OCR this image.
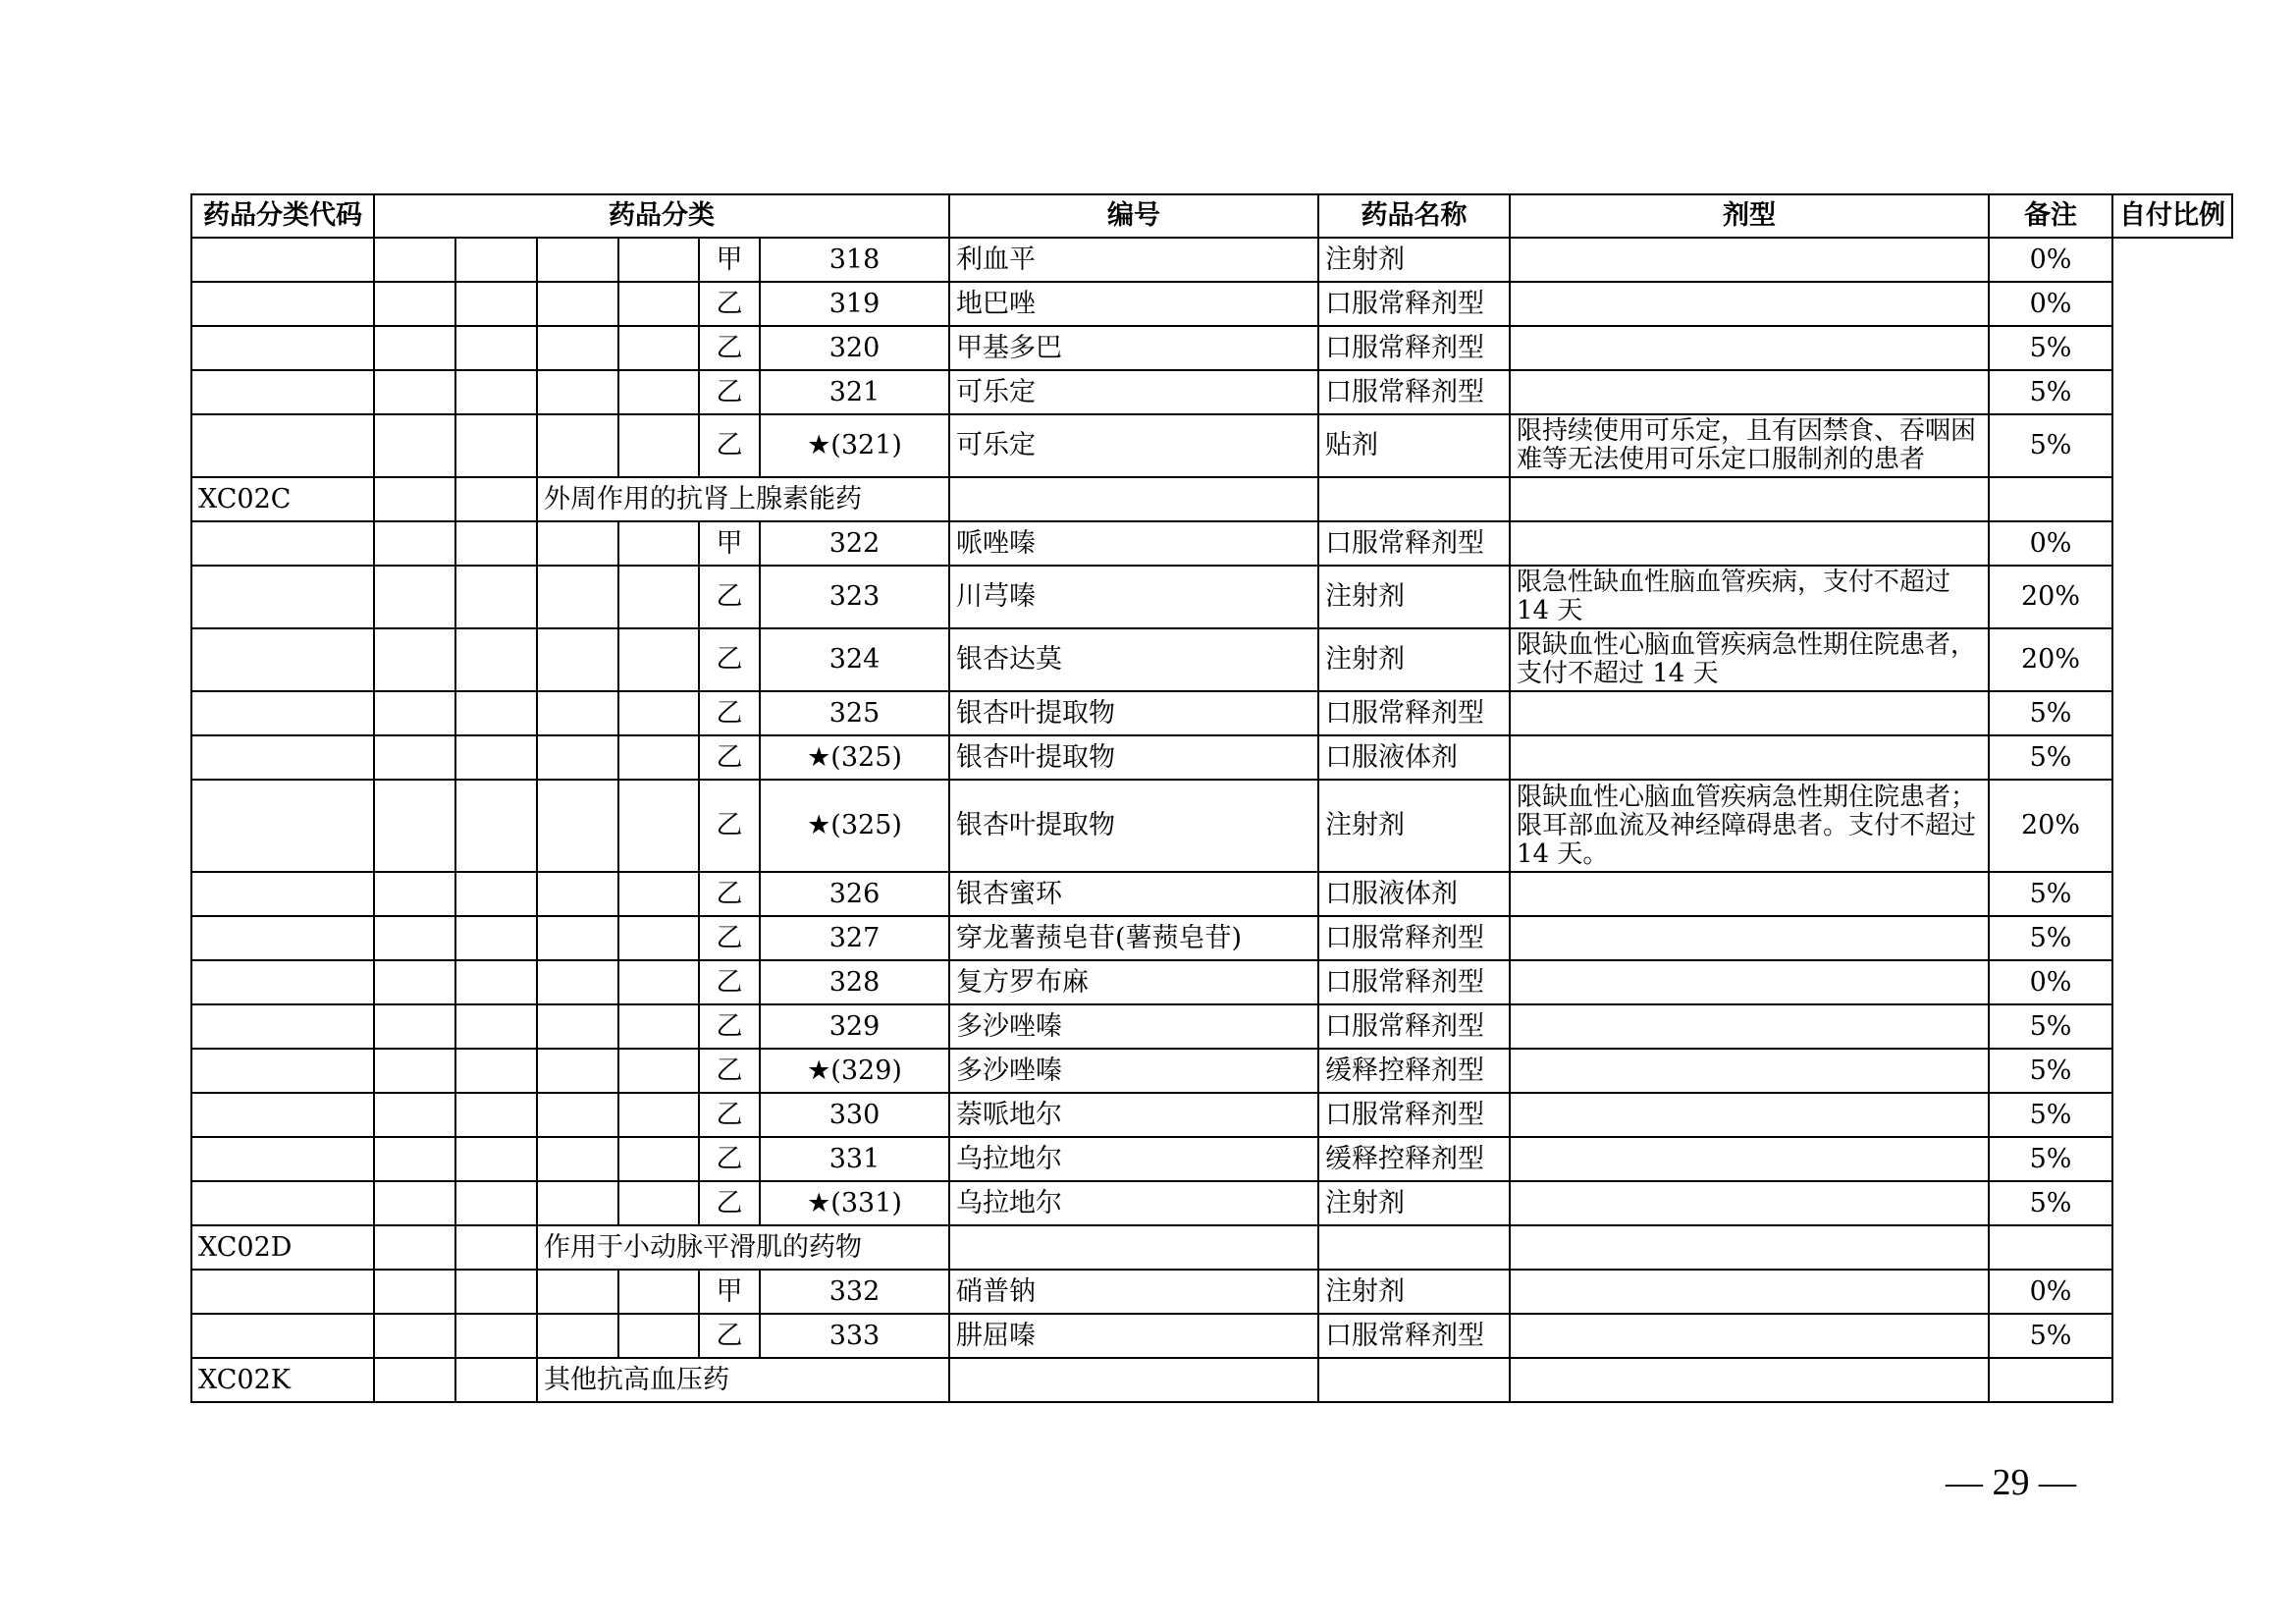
药品分类代码	药品分类						编号	药品名称	剂型	备注	自付比例
					甲	318	利血平	注射剂		0%	
					乙	319	地巴唑	口服常释剂型		0%	
					乙	320	甲基多巴	口服常释剂型		5%	
					乙	321	可乐定	口服常释剂型		5%	
					乙	★(321)	可乐定	贴剂	限持续使用可乐定，且有因禁食、吞咽困难等无法使用可乐定口服制剂的患者	5%	
XC02C			外周作用的抗肾上腺素能药								
					甲	322	哌唑嗪	口服常释剂型		0%	
					乙	323	川芎嗪	注射剂	限急性缺血性脑血管疾病，支付不超过14 天	20%	
					乙	324	银杏达莫	注射剂	限缺血性心脑血管疾病急性期住院患者，支付不超过 14 天	20%	
					乙	325	银杏叶提取物	口服常释剂型		5%	
					乙	★(325)	银杏叶提取物	口服液体剂		5%	
					乙	★(325)	银杏叶提取物	注射剂	限缺血性心脑血管疾病急性期住院患者；限耳部血流及神经障碍患者。支付不超过 14 天。	20%	
					乙	326	银杏蜜环	口服液体剂		5%	
					乙	327	穿龙薯蓣皂苷(薯蓣皂苷)	口服常释剂型		5%	
					乙	328	复方罗布麻	口服常释剂型		0%	
					乙	329	多沙唑嗪	口服常释剂型		5%	
					乙	★(329)	多沙唑嗪	缓释控释剂型		5%	
					乙	330	萘哌地尔	口服常释剂型		5%	
					乙	331	乌拉地尔	缓释控释剂型		5%	
					乙	★(331)	乌拉地尔	注射剂		5%	
XC02D			作用于小动脉平滑肌的药物								
					甲	332	硝普钠	注射剂		0%	
					乙	333	肼屈嗪	口服常释剂型		5%	
XC02K			其他抗高血压药								
— 29 —
